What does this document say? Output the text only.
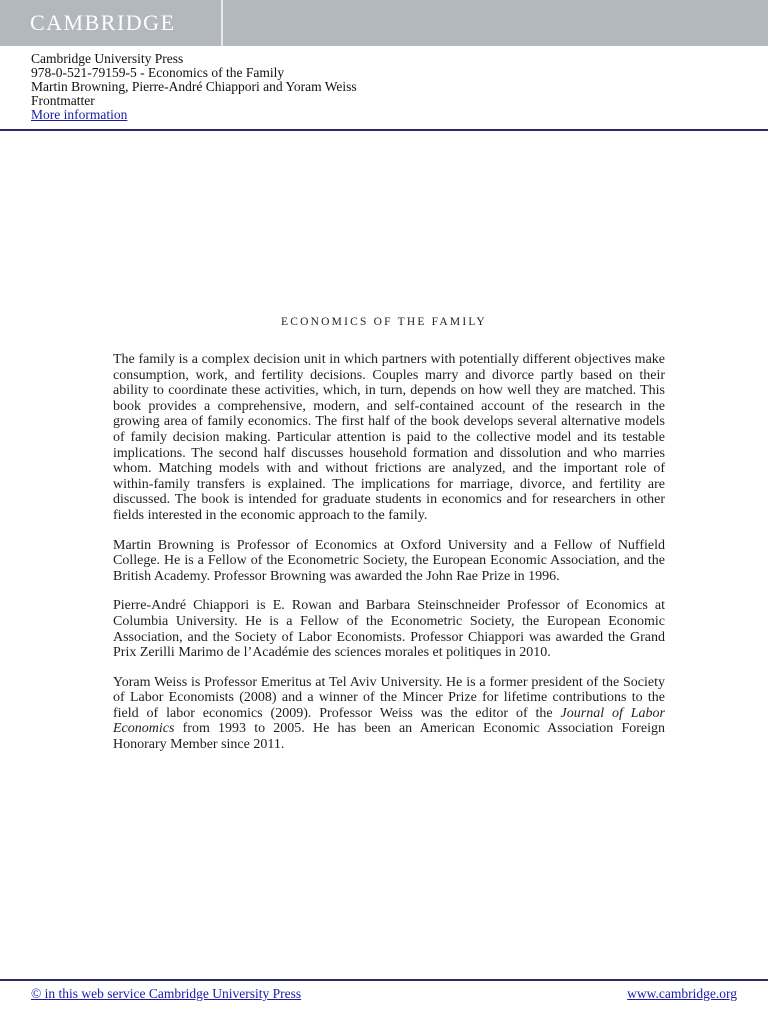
CAMBRIDGE
Cambridge University Press
978-0-521-79159-5 - Economics of the Family
Martin Browning, Pierre-André Chiappori and Yoram Weiss
Frontmatter
More information
ECONOMICS OF THE FAMILY

The family is a complex decision unit in which partners with potentially different objectives make consumption, work, and fertility decisions. Couples marry and divorce partly based on their ability to coordinate these activities, which, in turn, depends on how well they are matched. This book provides a comprehensive, modern, and self-contained account of the research in the growing area of family economics. The first half of the book develops several alternative models of family decision making. Particular attention is paid to the collective model and its testable implications. The second half discusses household formation and dissolution and who marries whom. Matching models with and without frictions are analyzed, and the important role of within-family transfers is explained. The implications for marriage, divorce, and fertility are discussed. The book is intended for graduate students in economics and for researchers in other fields interested in the economic approach to the family.

Martin Browning is Professor of Economics at Oxford University and a Fellow of Nuffield College. He is a Fellow of the Econometric Society, the European Economic Association, and the British Academy. Professor Browning was awarded the John Rae Prize in 1996.

Pierre-André Chiappori is E. Rowan and Barbara Steinschneider Professor of Economics at Columbia University. He is a Fellow of the Econometric Society, the European Economic Association, and the Society of Labor Economists. Professor Chiappori was awarded the Grand Prix Zerilli Marimo de l’Académie des sciences morales et politiques in 2010.

Yoram Weiss is Professor Emeritus at Tel Aviv University. He is a former president of the Society of Labor Economists (2008) and a winner of the Mincer Prize for lifetime contributions to the field of labor economics (2009). Professor Weiss was the editor of the Journal of Labor Economics from 1993 to 2005. He has been an American Economic Association Foreign Honorary Member since 2011.

© in this web service Cambridge University Press	www.cambridge.org
